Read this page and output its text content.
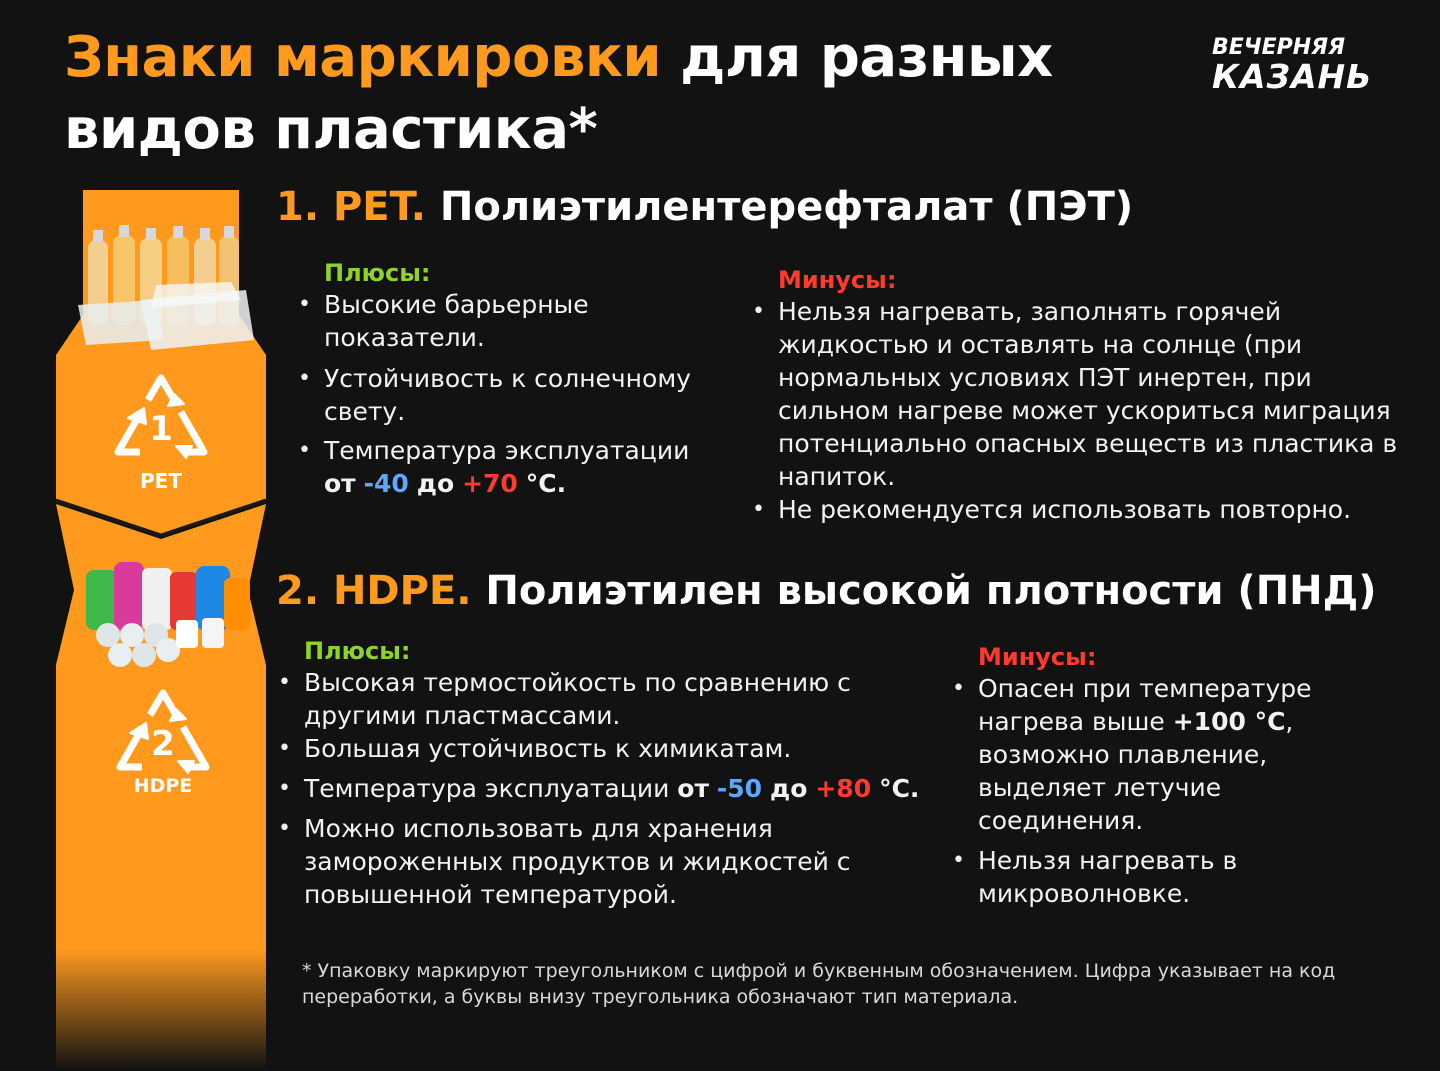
Знаки маркировки для разных
видов пластика*
ВЕЧЕРНЯЯ
КАЗАНЬ
1
PET
2
HDPE
1. PET. Полиэтилентерефталат (ПЭТ)
Плюсы:
• Высокие барьерные показатели.
• Устойчивость к солнечному свету.
• Температура эксплуатации
от -40 до +70 °C.
Минусы:
• Нельзя нагревать, заполнять горячей жидкостью и оставлять на солнце (при нормальных условиях ПЭТ инертен, при сильном нагреве может ускориться миграция потенциально опасных веществ из пластика в напиток.
• Не рекомендуется использовать повторно.
2. HDPE. Полиэтилен высокой плотности (ПНД)
Плюсы:
• Высокая термостойкость по сравнению с другими пластмассами.
• Большая устойчивость к химикатам.
• Температура эксплуатации от -50 до +80 °C.
• Можно использовать для хранения замороженных продуктов и жидкостей с повышенной температурой.
Минусы:
• Опасен при температуре нагрева выше +100 °C, возможно плавление, выделяет летучие соединения.
• Нельзя нагревать в микроволновке.
* Упаковку маркируют треугольником с цифрой и буквенным обозначением. Цифра указывает на код переработки, а буквы внизу треугольника обозначают тип материала.
